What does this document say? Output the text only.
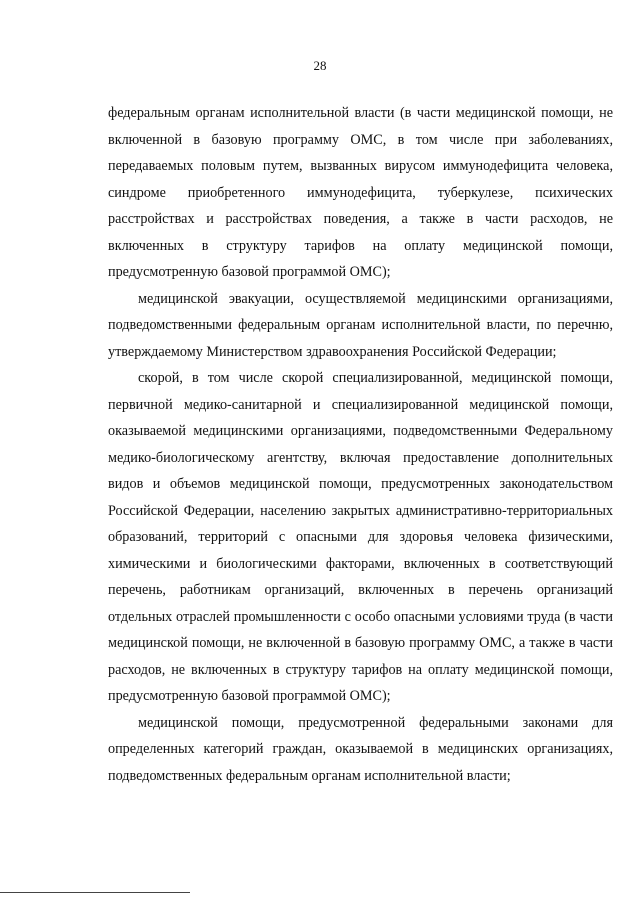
28

федеральным органам исполнительной власти (в части медицинской помощи, не включенной в базовую программу ОМС, в том числе при заболеваниях, передаваемых половым путем, вызванных вирусом иммунодефицита человека, синдроме приобретенного иммунодефицита, туберкулезе, психических расстройствах и расстройствах поведения, а также в части расходов, не включенных в структуру тарифов на оплату медицинской помощи, предусмотренную базовой программой ОМС);

медицинской эвакуации, осуществляемой медицинскими организациями, подведомственными федеральным органам исполнительной власти, по перечню, утверждаемому Министерством здравоохранения Российской Федерации;

скорой, в том числе скорой специализированной, медицинской помощи, первичной медико-санитарной и специализированной медицинской помощи, оказываемой медицинскими организациями, подведомственными Федеральному медико-биологическому агентству, включая предоставление дополнительных видов и объемов медицинской помощи, предусмотренных законодательством Российской Федерации, населению закрытых административно-территориальных образований, территорий с опасными для здоровья человека физическими, химическими и биологическими факторами, включенных в соответствующий перечень, работникам организаций, включенных в перечень организаций отдельных отраслей промышленности с особо опасными условиями труда (в части медицинской помощи, не включенной в базовую программу ОМС, а также в части расходов, не включенных в структуру тарифов на оплату медицинской помощи, предусмотренную базовой программой ОМС);

медицинской помощи, предусмотренной федеральными законами для определенных категорий граждан, оказываемой в медицинских организациях, подведомственных федеральным органам исполнительной власти;
